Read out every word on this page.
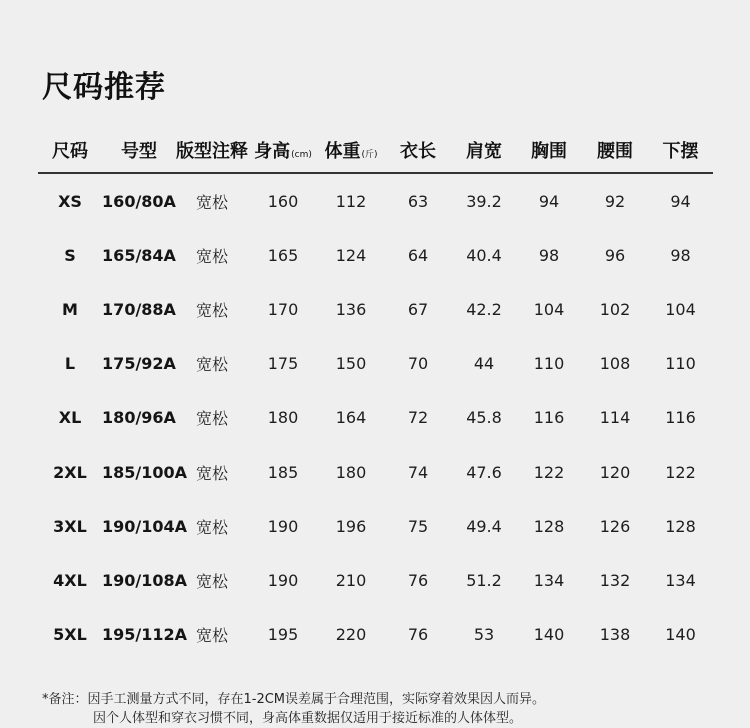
尺码推荐
尺码	号型	版型注释	身高(cm)	体重(斤)	衣长	肩宽	胸围	腰围	下摆
XS	160/80A	宽松	160	112	63	39.2	94	92	94
S	165/84A	宽松	165	124	64	40.4	98	96	98
M	170/88A	宽松	170	136	67	42.2	104	102	104
L	175/92A	宽松	175	150	70	44	110	108	110
XL	180/96A	宽松	180	164	72	45.8	116	114	116
2XL	185/100A	宽松	185	180	74	47.6	122	120	122
3XL	190/104A	宽松	190	196	75	49.4	128	126	128
4XL	190/108A	宽松	190	210	76	51.2	134	132	134
5XL	195/112A	宽松	195	220	76	53	140	138	140
*备注：因手工测量方式不同，存在1-2CM误差属于合理范围，实际穿着效果因人而异。
因个人体型和穿衣习惯不同，身高体重数据仅适用于接近标准的人体体型。
